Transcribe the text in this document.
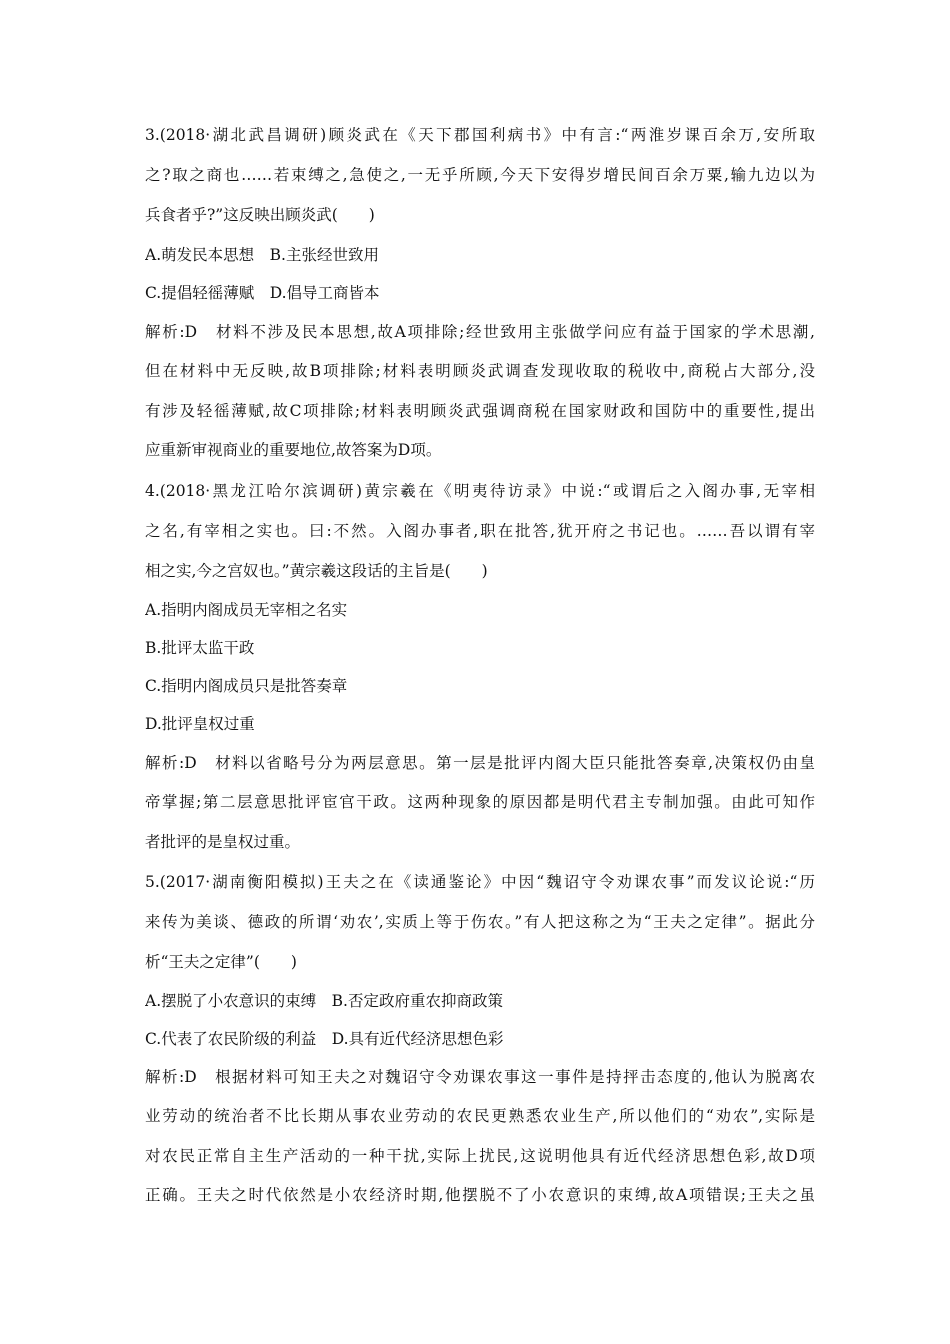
3.(2018·湖北武昌调研)顾炎武在《天下郡国利病书》中有言:“两淮岁课百余万,安所取
之?取之商也……若束缚之,急使之,一无乎所顾,今天下安得岁增民间百余万粟,输九边以为
兵食者乎?”这反映出顾炎武(　　)
A.萌发民本思想　B.主张经世致用
C.提倡轻徭薄赋　D.倡导工商皆本
解析:D　材料不涉及民本思想,故A项排除;经世致用主张做学问应有益于国家的学术思潮,
但在材料中无反映,故B项排除;材料表明顾炎武调查发现收取的税收中,商税占大部分,没
有涉及轻徭薄赋,故C项排除;材料表明顾炎武强调商税在国家财政和国防中的重要性,提出
应重新审视商业的重要地位,故答案为D项。
4.(2018·黑龙江哈尔滨调研)黄宗羲在《明夷待访录》中说:“或谓后之入阁办事,无宰相
之名,有宰相之实也。曰:不然。入阁办事者,职在批答,犹开府之书记也。……吾以谓有宰
相之实,今之宫奴也。”黄宗羲这段话的主旨是(　　)
A.指明内阁成员无宰相之名实
B.批评太监干政
C.指明内阁成员只是批答奏章
D.批评皇权过重
解析:D　材料以省略号分为两层意思。第一层是批评内阁大臣只能批答奏章,决策权仍由皇
帝掌握;第二层意思批评宦官干政。这两种现象的原因都是明代君主专制加强。由此可知作
者批评的是皇权过重。
5.(2017·湖南衡阳模拟)王夫之在《读通鉴论》中因“魏诏守令劝课农事”而发议论说:“历
来传为美谈、德政的所谓‘劝农’,实质上等于伤农。”有人把这称之为“王夫之定律”。据此分
析“王夫之定律”(　　)
A.摆脱了小农意识的束缚　B.否定政府重农抑商政策
C.代表了农民阶级的利益　D.具有近代经济思想色彩
解析:D　根据材料可知王夫之对魏诏守令劝课农事这一事件是持抨击态度的,他认为脱离农
业劳动的统治者不比长期从事农业劳动的农民更熟悉农业生产,所以他们的“劝农”,实际是
对农民正常自主生产活动的一种干扰,实际上扰民,这说明他具有近代经济思想色彩,故D项
正确。王夫之时代依然是小农经济时期,他摆脱不了小农意识的束缚,故A项错误;王夫之虽
